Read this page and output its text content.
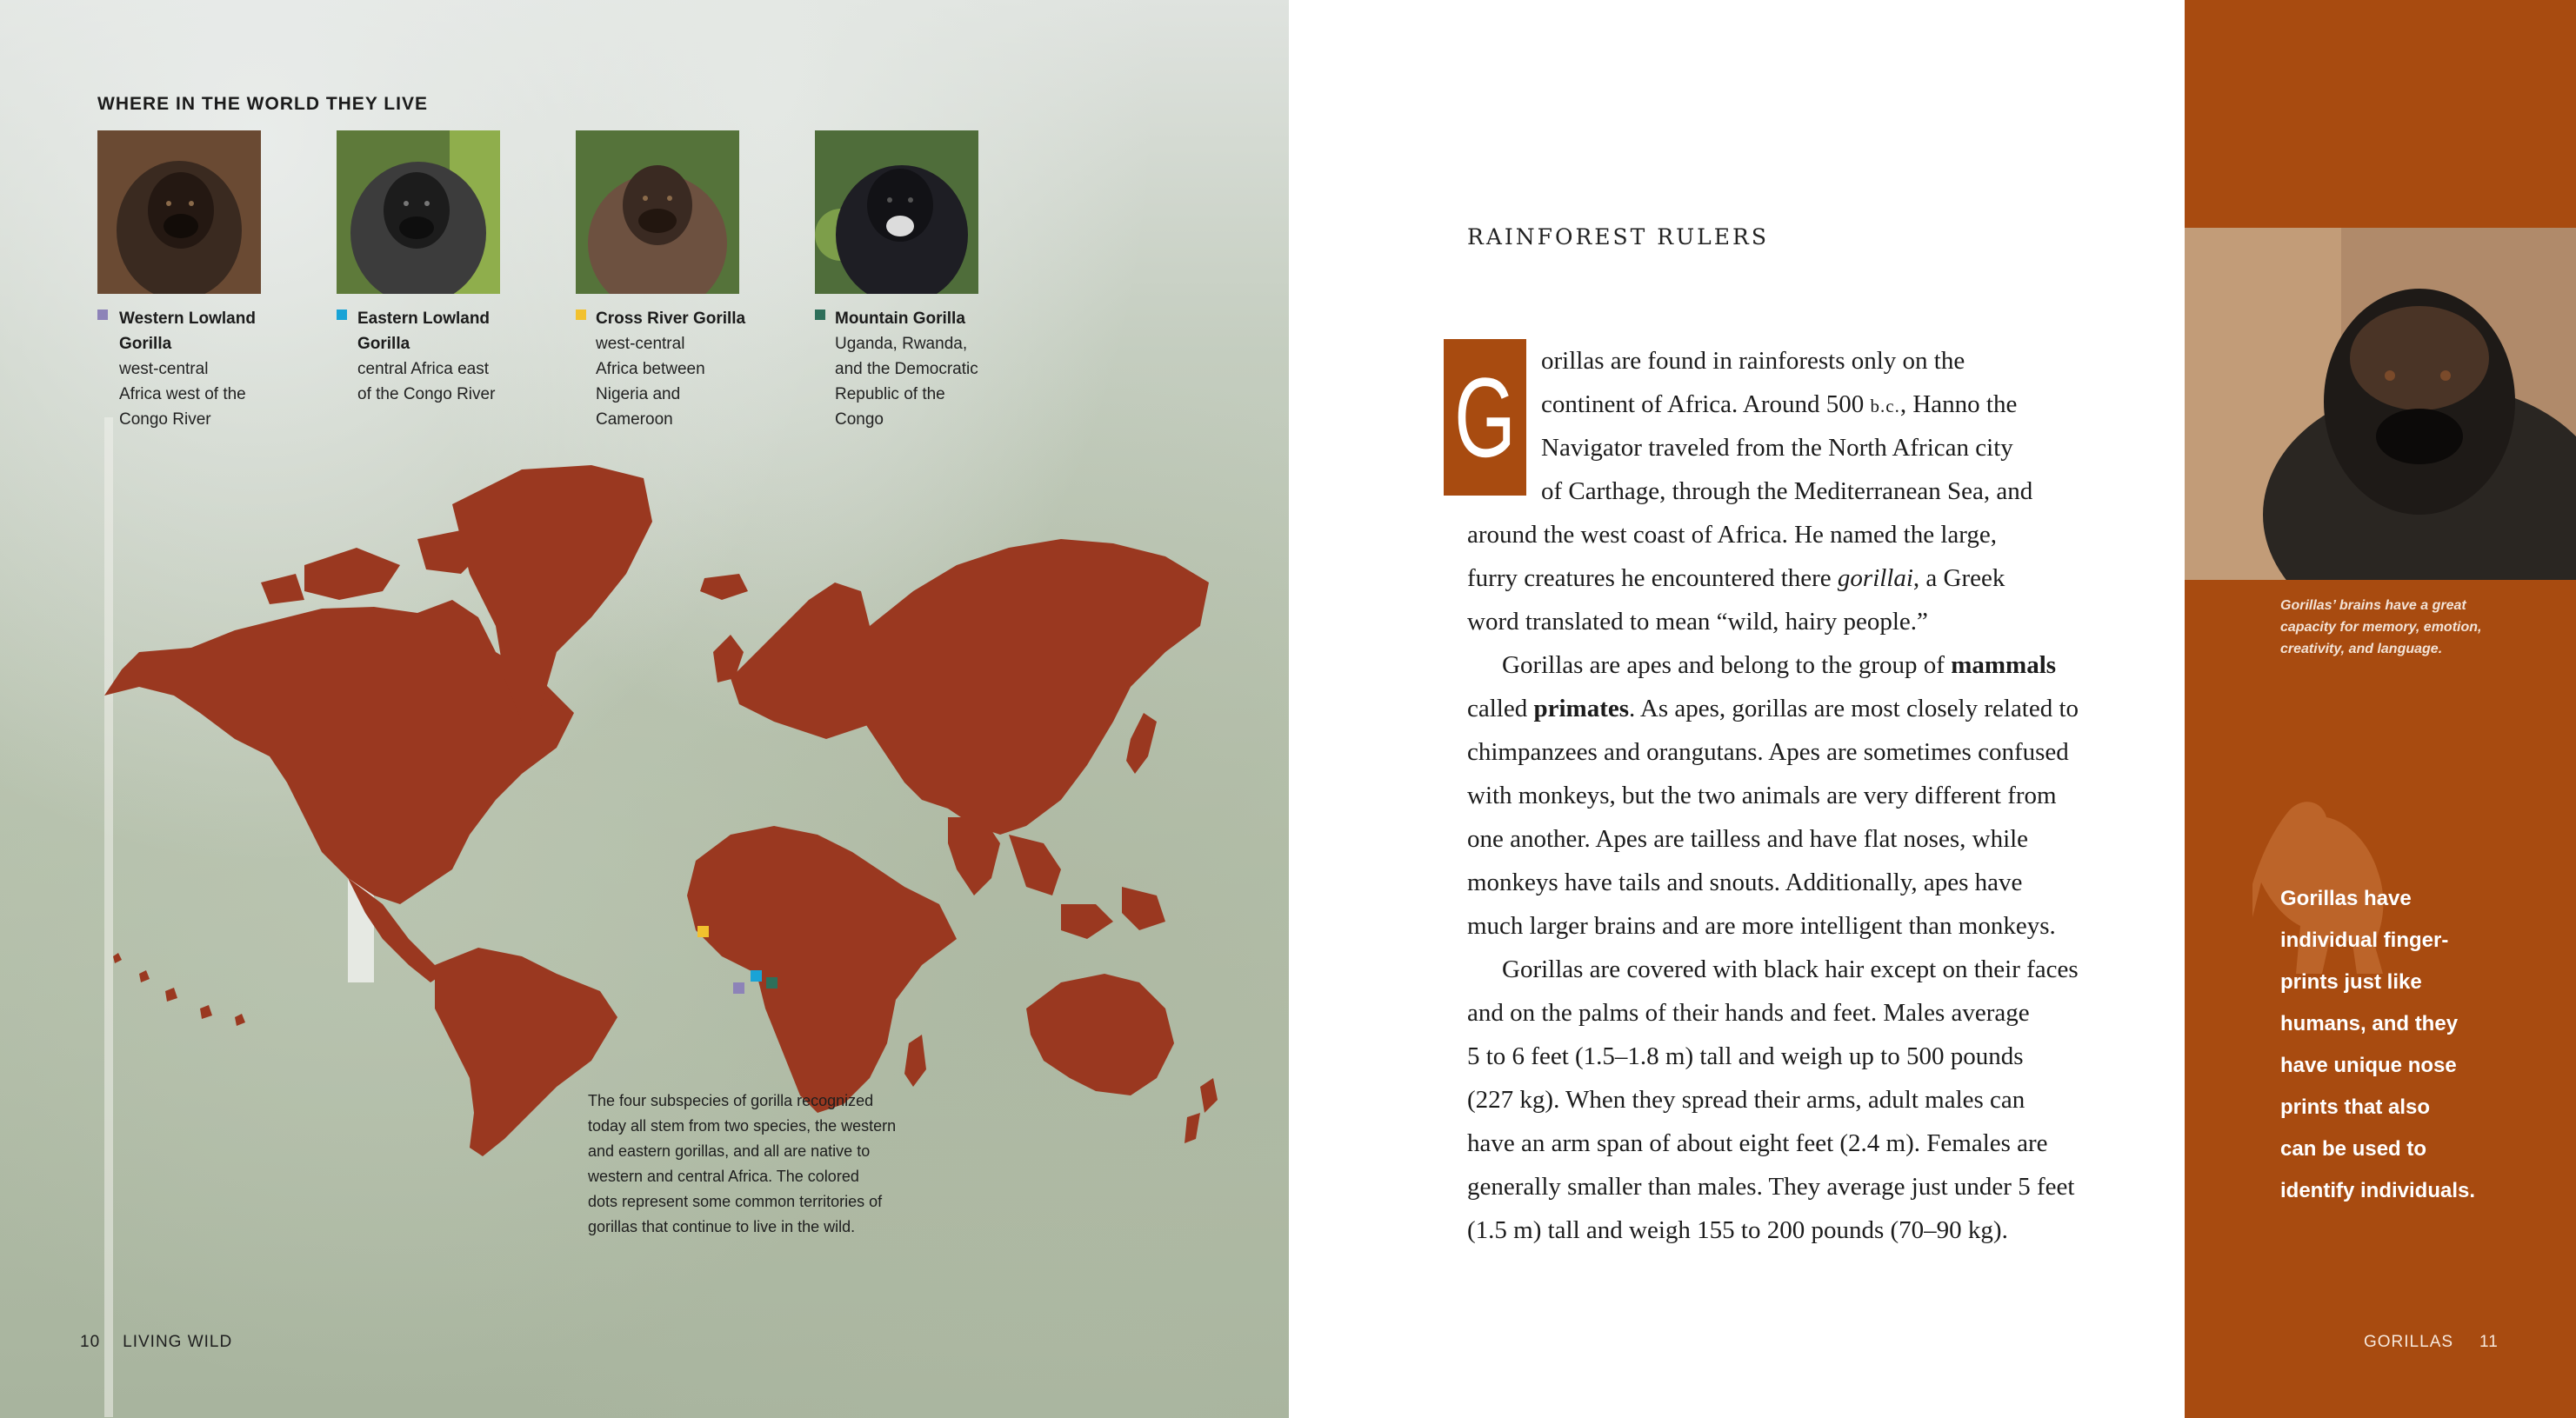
WHERE IN THE WORLD THEY LIVE
Western Lowland
Gorilla
west-central
Africa west of the
Congo River
Eastern Lowland
Gorilla
central Africa east
of the Congo River
Cross River Gorilla
west-central
Africa between
Nigeria and
Cameroon
Mountain Gorilla
Uganda, Rwanda,
and the Democratic
Republic of the
Congo
The four subspecies of gorilla recognized
today all stem from two species, the western
and eastern gorillas, and all are native to
western and central Africa. The colored
dots represent some common territories of
gorillas that continue to live in the wild.
10 LIVING WILD
RAINFOREST RULERS
G	orillas are found in rainforests only on the
continent of Africa. Around 500 b.c., Hanno the
Navigator traveled from the North African city
of Carthage, through the Mediterranean Sea, and
around the west coast of Africa. He named the large,
furry creatures he encountered there gorillai, a Greek
word translated to mean “wild, hairy people.”
Gorillas are apes and belong to the group of mammals
called primates. As apes, gorillas are most closely related to
chimpanzees and orangutans. Apes are sometimes confused
with monkeys, but the two animals are very different from
one another. Apes are tailless and have flat noses, while
monkeys have tails and snouts. Additionally, apes have
much larger brains and are more intelligent than monkeys.
Gorillas are covered with black hair except on their faces
and on the palms of their hands and feet. Males average
5 to 6 feet (1.5–1.8 m) tall and weigh up to 500 pounds
(227 kg). When they spread their arms, adult males can
have an arm span of about eight feet (2.4 m). Females are
generally smaller than males. They average just under 5 feet
(1.5 m) tall and weigh 155 to 200 pounds (70–90 kg).
Gorillas’ brains have a great
capacity for memory, emotion,
creativity, and language.
Gorillas have
individual finger-
prints just like
humans, and they
have unique nose
prints that also
can be used to
identify individuals.
GORILLAS 11
